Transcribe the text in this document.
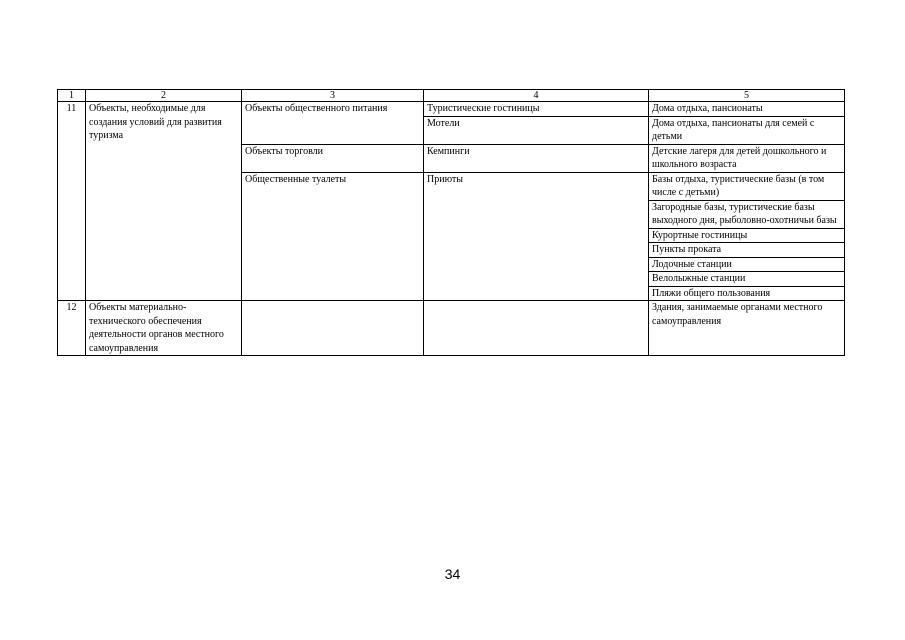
1	2	3	4	5
11	Объекты, необходимые для создания условий для развития туризма	Объекты общественного питания	Туристические гостиницы	Дома отдыха, пансионаты
			Мотели	Дома отдыха, пансионаты для семей с детьми
		Объекты торговли	Кемпинги	Детские лагеря для детей дошкольного и школьного возраста
		Общественные туалеты	Приюты	Базы отдыха, туристические базы (в том числе с детьми)
				Загородные базы, туристические базы выходного дня, рыболовно-охотничьи базы
				Курортные гостиницы
				Пункты проката
				Лодочные станции
				Велолыжные станции
				Пляжи общего пользования

12	Объекты материально-технического обеспечения деятельности органов местного самоуправления			Здания, занимаемые органами местного самоуправления
34
